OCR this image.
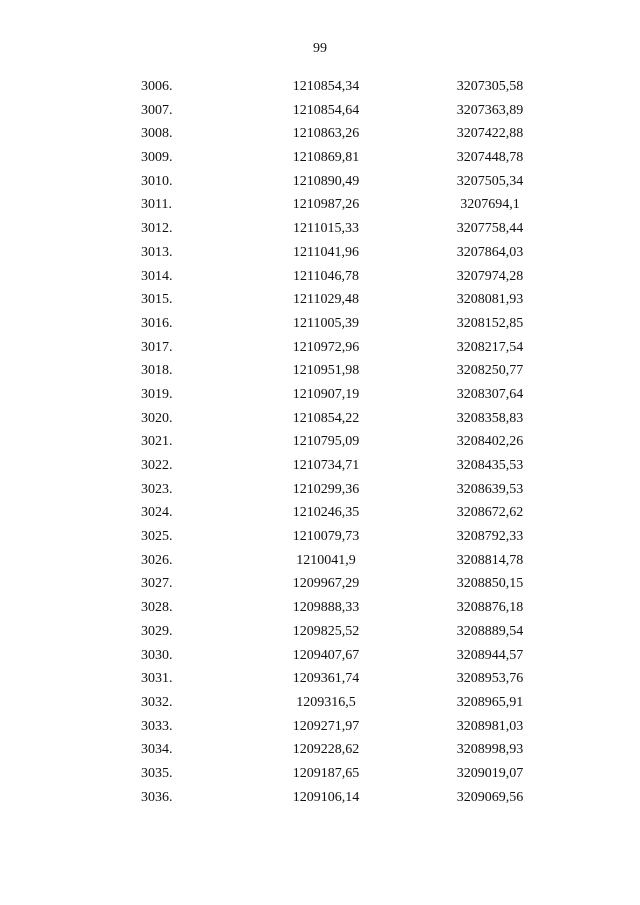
99
3006.	1210854,34	3207305,58
3007.	1210854,64	3207363,89
3008.	1210863,26	3207422,88
3009.	1210869,81	3207448,78
3010.	1210890,49	3207505,34
3011.	1210987,26	3207694,1
3012.	1211015,33	3207758,44
3013.	1211041,96	3207864,03
3014.	1211046,78	3207974,28
3015.	1211029,48	3208081,93
3016.	1211005,39	3208152,85
3017.	1210972,96	3208217,54
3018.	1210951,98	3208250,77
3019.	1210907,19	3208307,64
3020.	1210854,22	3208358,83
3021.	1210795,09	3208402,26
3022.	1210734,71	3208435,53
3023.	1210299,36	3208639,53
3024.	1210246,35	3208672,62
3025.	1210079,73	3208792,33
3026.	1210041,9	3208814,78
3027.	1209967,29	3208850,15
3028.	1209888,33	3208876,18
3029.	1209825,52	3208889,54
3030.	1209407,67	3208944,57
3031.	1209361,74	3208953,76
3032.	1209316,5	3208965,91
3033.	1209271,97	3208981,03
3034.	1209228,62	3208998,93
3035.	1209187,65	3209019,07
3036.	1209106,14	3209069,56
